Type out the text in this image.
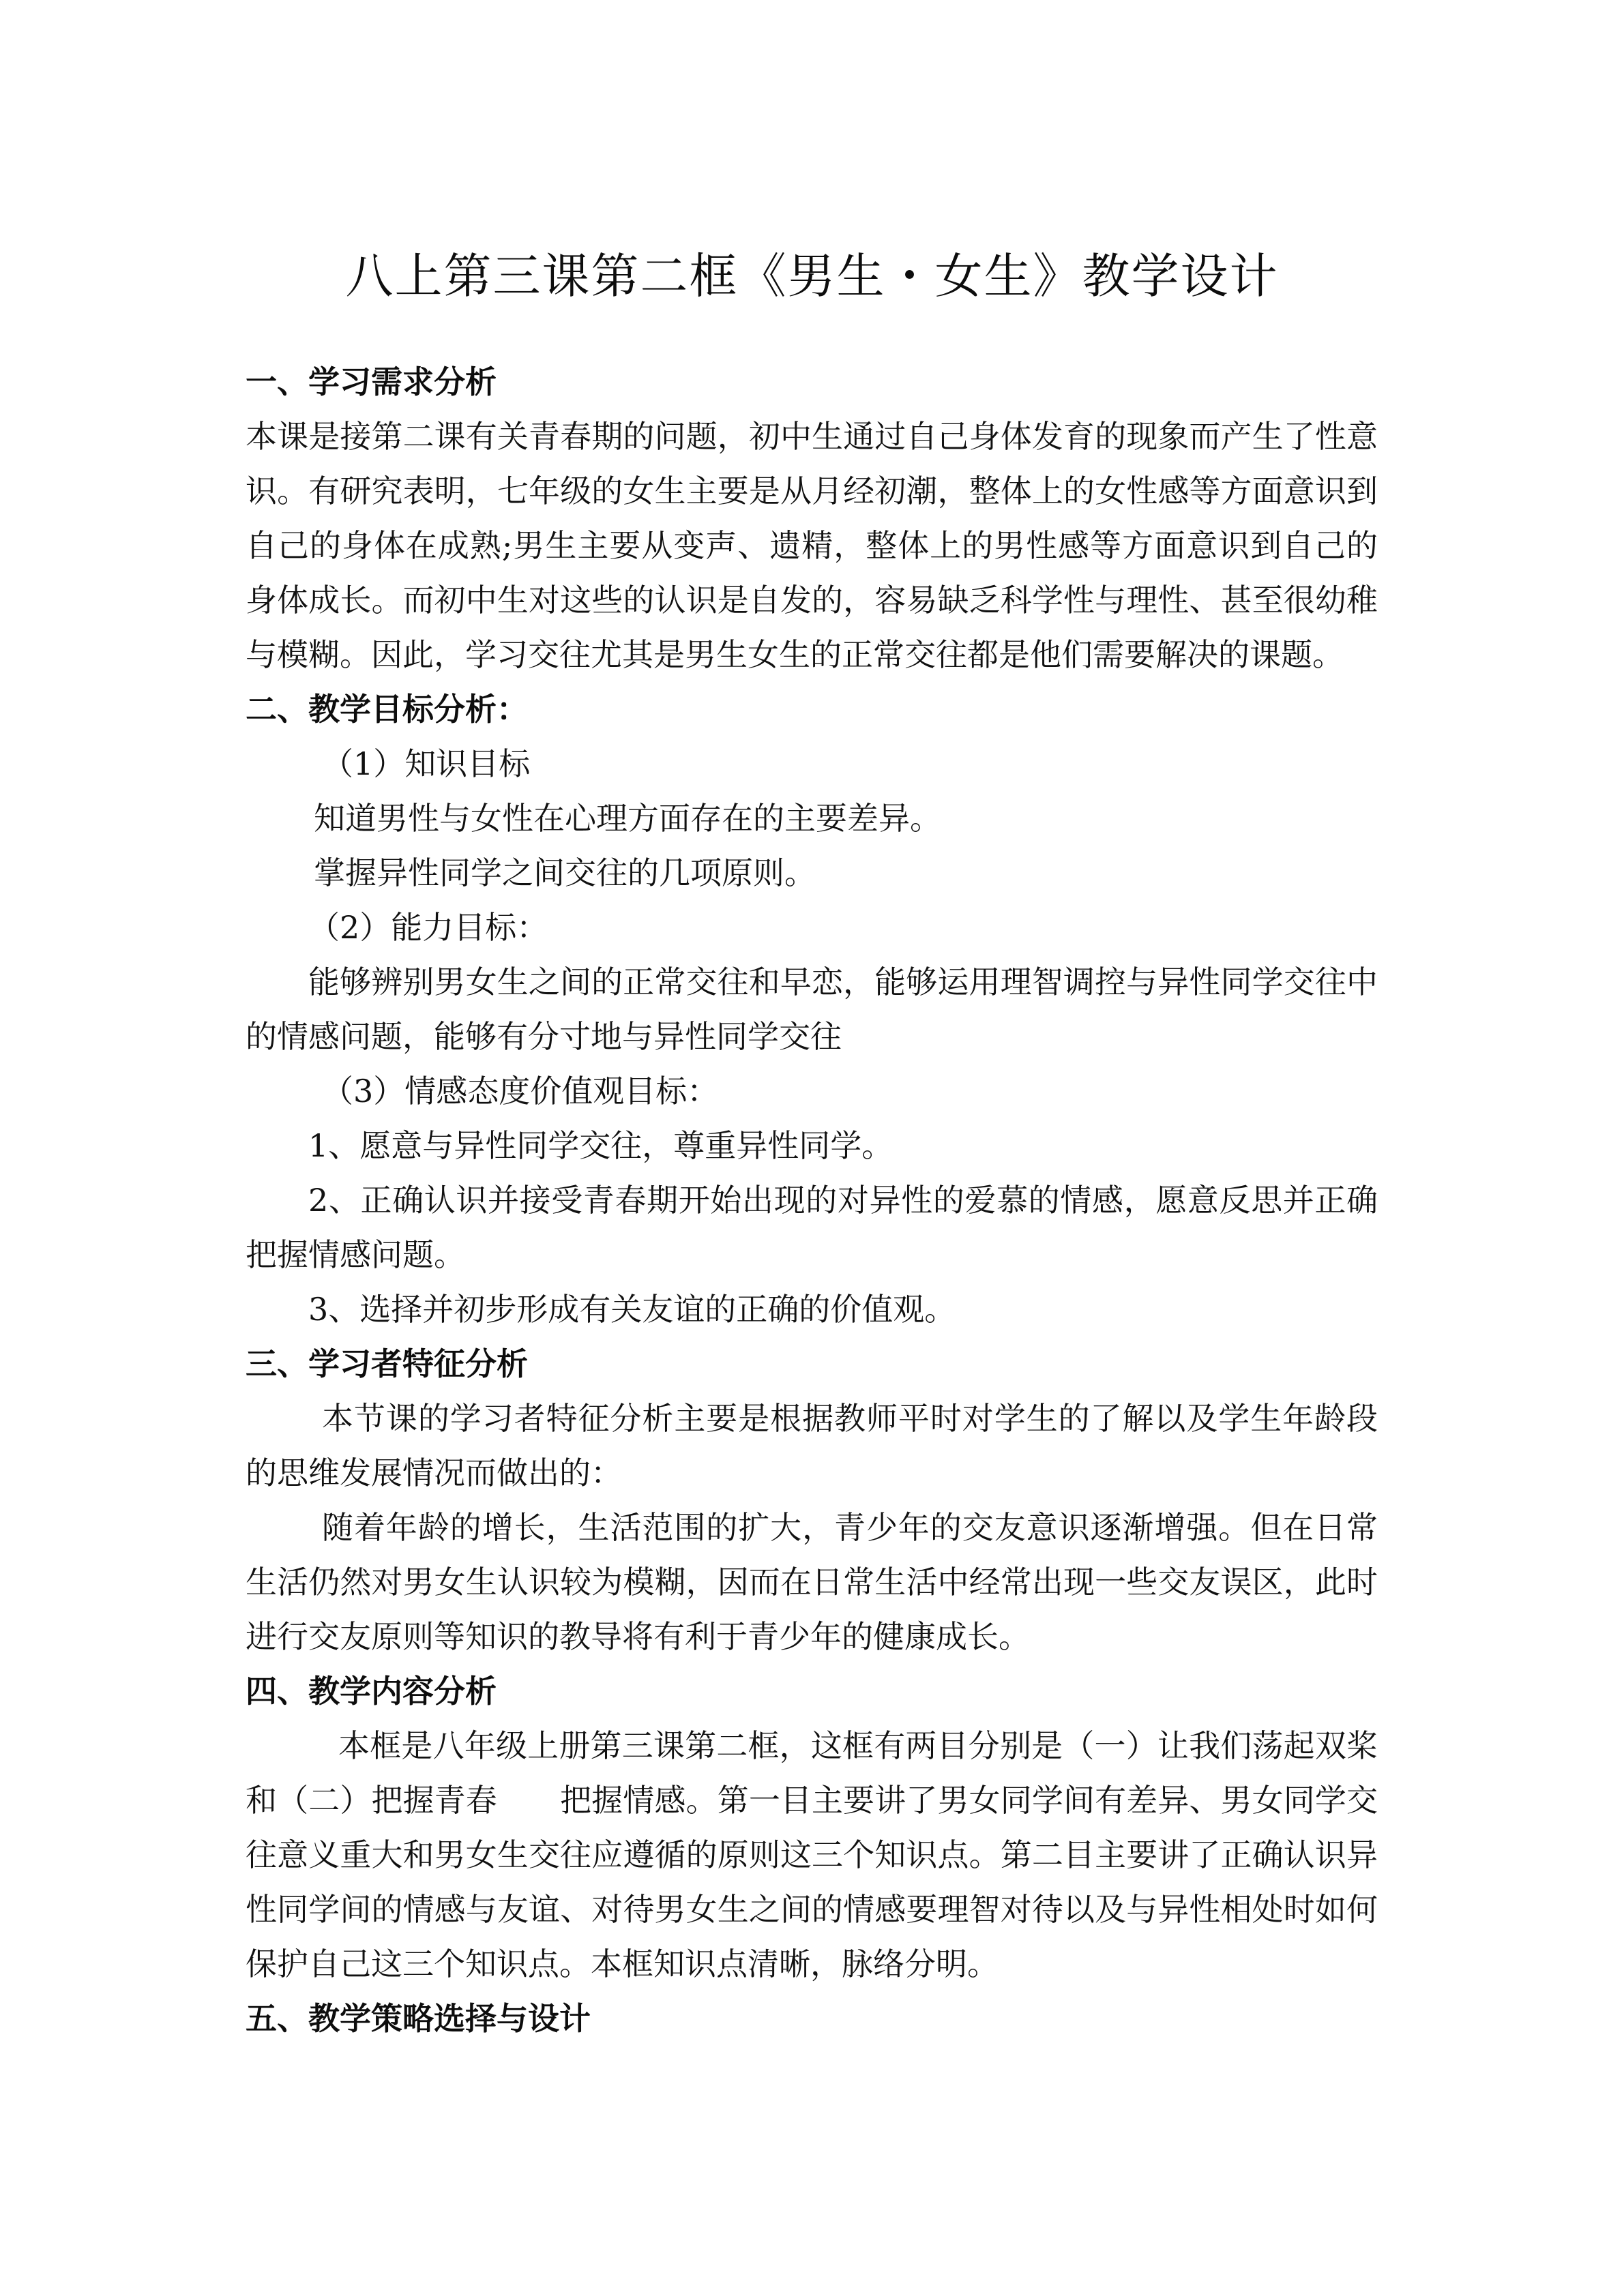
八上第三课第二框《男生・女生》教学设计
一、学习需求分析

本课是接第二课有关青春期的问题，初中生通过自己身体发育的现象而产生了性意识。有研究表明，七年级的女生主要是从月经初潮，整体上的女性感等方面意识到自己的身体在成熟;男生主要从变声、遗精，整体上的男性感等方面意识到自己的身体成长。而初中生对这些的认识是自发的，容易缺乏科学性与理性、甚至很幼稚与模糊。因此，学习交往尤其是男生女生的正常交往都是他们需要解决的课题。

二、教学目标分析：

（1）知识目标

知道男性与女性在心理方面存在的主要差异。

掌握异性同学之间交往的几项原则。

（2）能力目标：

能够辨别男女生之间的正常交往和早恋，能够运用理智调控与异性同学交往中的情感问题，能够有分寸地与异性同学交往

（3）情感态度价值观目标：

1、愿意与异性同学交往，尊重异性同学。

2、正确认识并接受青春期开始出现的对异性的爱慕的情感，愿意反思并正确把握情感问题。

3、选择并初步形成有关友谊的正确的价值观。

三、学习者特征分析

本节课的学习者特征分析主要是根据教师平时对学生的了解以及学生年龄段的思维发展情况而做出的：

随着年龄的增长，生活范围的扩大，青少年的交友意识逐渐增强。但在日常生活仍然对男女生认识较为模糊，因而在日常生活中经常出现一些交友误区，此时进行交友原则等知识的教导将有利于青少年的健康成长。

四、教学内容分析

本框是八年级上册第三课第二框，这框有两目分别是（一）让我们荡起双桨和（二）把握青春　　把握情感。第一目主要讲了男女同学间有差异、男女同学交往意义重大和男女生交往应遵循的原则这三个知识点。第二目主要讲了正确认识异性同学间的情感与友谊、对待男女生之间的情感要理智对待以及与异性相处时如何保护自己这三个知识点。本框知识点清晰，脉络分明。

五、教学策略选择与设计
